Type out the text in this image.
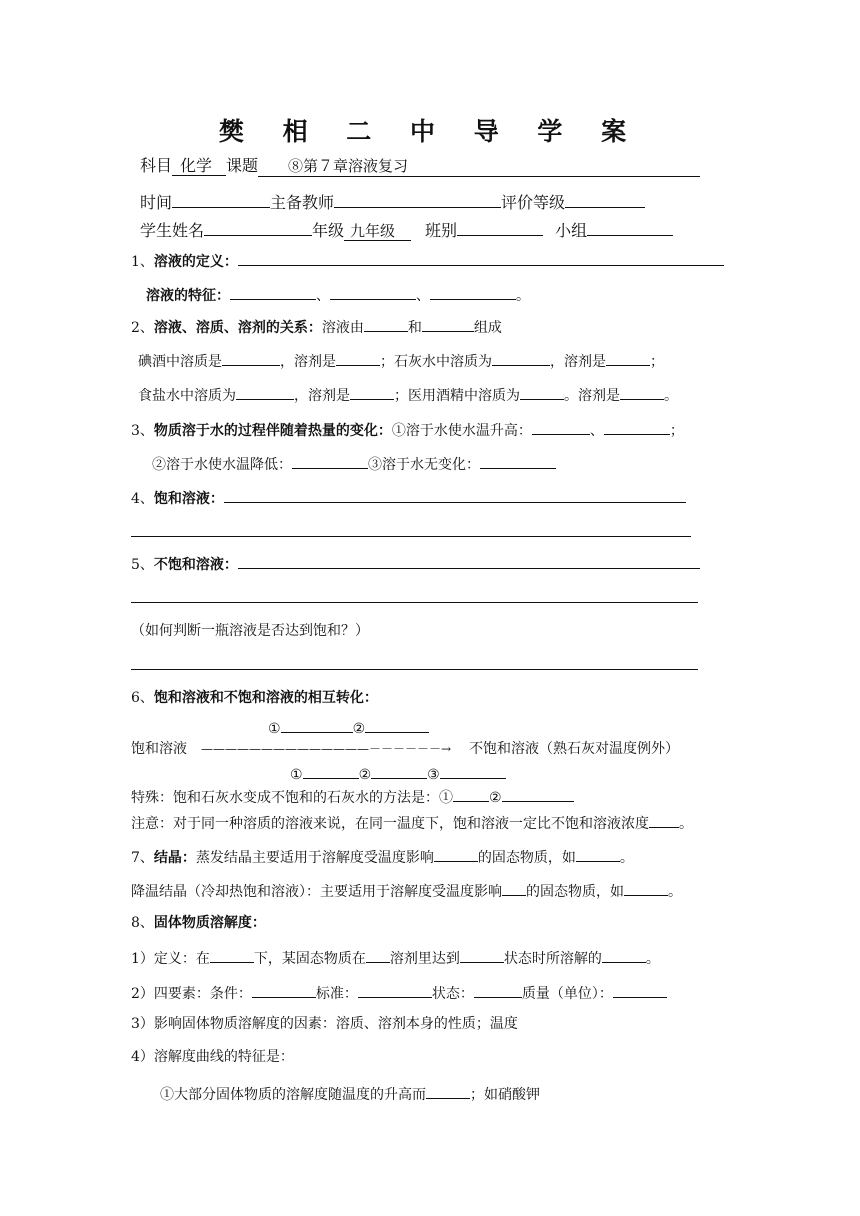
樊 相 二 中 导 学 案
科目 化学 课题 ⑧第７章溶液复习
时间	主备教师	评价等级
学生姓名	年级 九年级 班别	小组
1、溶液的定义：
溶液的特征：	、	、	。
2、溶液、溶质、溶剂的关系：溶液由	和	组成
碘酒中溶质是	，溶剂是	；石灰水中溶质为	，溶剂是	；
食盐水中溶质为	，溶剂是	；医用酒精中溶质为	。溶剂是	。
3、物质溶于水的过程伴随着热量的变化：①溶于水使水温升高：	、	；
②溶于水使水温降低：	③溶于水无变化：
4、饱和溶液：
5、不饱和溶液：
（如何判断一瓶溶液是否达到饱和？）
6、饱和溶液和不饱和溶液的相互转化：
①	②
饱和溶液 ——————————————－－－－－－→ 不饱和溶液（熟石灰对温度例外）
①	②	③
特殊：饱和石灰水变成不饱和的石灰水的方法是：①	②
注意：对于同一种溶质的溶液来说，在同一温度下，饱和溶液一定比不饱和溶液浓度 。
7、结晶：蒸发结晶主要适用于溶解度受温度影响	的固态物质，如	。
降温结晶（冷却热饱和溶液）：主要适用于溶解度受温度影响 的固态物质，如	。
8、固体物质溶解度：
1）定义：在	下，某固态物质在 溶剂里达到	状态时所溶解的	。
2）四要素：条件：	标准：	状态：	质量（单位）：
3）影响固体物质溶解度的因素：溶质、溶剂本身的性质；温度
4）溶解度曲线的特征是：
①大部分固体物质的溶解度随温度的升高而	；如硝酸钾
